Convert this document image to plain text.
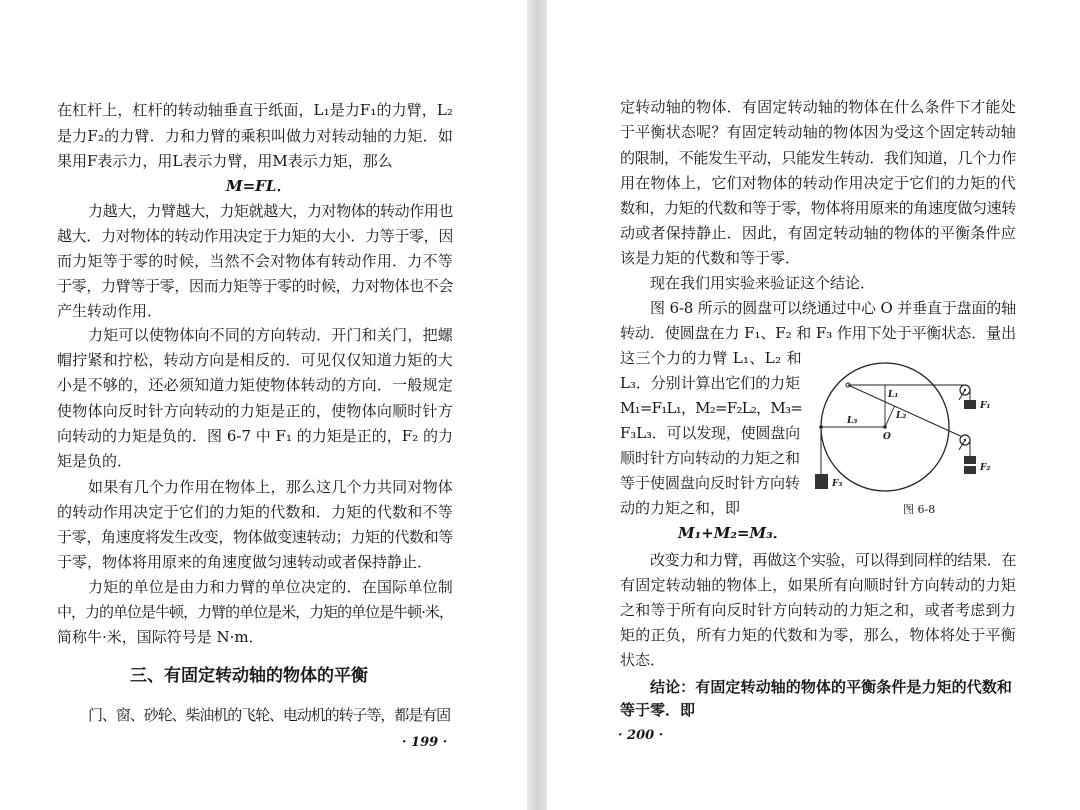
在杠杆上，杠杆的转动轴垂直于纸面，L₁是力F₁的力臂，L₂
是力F₂的力臂．力和力臂的乘积叫做力对转动轴的力矩．如
果用F表示力，用L表示力臂，用M表示力矩，那么
M=FL．
力越大，力臂越大，力矩就越大，力对物体的转动作用也
越大．力对物体的转动作用决定于力矩的大小．力等于零，因
而力矩等于零的时候，当然不会对物体有转动作用．力不等
于零，力臂等于零，因而力矩等于零的时候，力对物体也不会
产生转动作用．
力矩可以使物体向不同的方向转动．开门和关门，把螺
帽拧紧和拧松，转动方向是相反的．可见仅仅知道力矩的大
小是不够的，还必须知道力矩使物体转动的方向．一般规定
使物体向反时针方向转动的力矩是正的，使物体向顺时针方
向转动的力矩是负的．图 6-7 中 F₁ 的力矩是正的，F₂ 的力
矩是负的．
如果有几个力作用在物体上，那么这几个力共同对物体
的转动作用决定于它们的力矩的代数和．力矩的代数和不等
于零，角速度将发生改变，物体做变速转动；力矩的代数和等
于零，物体将用原来的角速度做匀速转动或者保持静止．
力矩的单位是由力和力臂的单位决定的．在国际单位制
中，力的单位是牛顿，力臂的单位是米，力矩的单位是牛顿·米，
简称牛·米，国际符号是 N·m．
三、有固定转动轴的物体的平衡
门、窗、砂轮、柴油机的飞轮、电动机的转子等，都是有固
· 199 ·
定转动轴的物体．有固定转动轴的物体在什么条件下才能处
于平衡状态呢？有固定转动轴的物体因为受这个固定转动轴
的限制，不能发生平动，只能发生转动．我们知道，几个力作
用在物体上，它们对物体的转动作用决定于它们的力矩的代
数和，力矩的代数和等于零，物体将用原来的角速度做匀速转
动或者保持静止．因此，有固定转动轴的物体的平衡条件应
该是力矩的代数和等于零．
现在我们用实验来验证这个结论．
图 6-8 所示的圆盘可以绕通过中心 O 并垂直于盘面的轴
转动．使圆盘在力 F₁、F₂ 和 F₃ 作用下处于平衡状态．量出
这三个力的力臂 L₁、L₂ 和
L₃．分别计算出它们的力矩
M₁=F₁L₁，M₂=F₂L₂，M₃=
F₃L₃．可以发现，使圆盘向
顺时针方向转动的力矩之和
等于使圆盘向反时针方向转
动的力矩之和，即
M₁+M₂=M₃．
改变力和力臂，再做这个实验，可以得到同样的结果．在
有固定转动轴的物体上，如果所有向顺时针方向转动的力矩
之和等于所有向反时针方向转动的力矩之和，或者考虑到力
矩的正负，所有力矩的代数和为零，那么，物体将处于平衡
状态．
结论：有固定转动轴的物体的平衡条件是力矩的代数和
等于零．即
· 200 ·
O
L₁
L₂
L₃
F₁
F₂
F₃
图 6-8
